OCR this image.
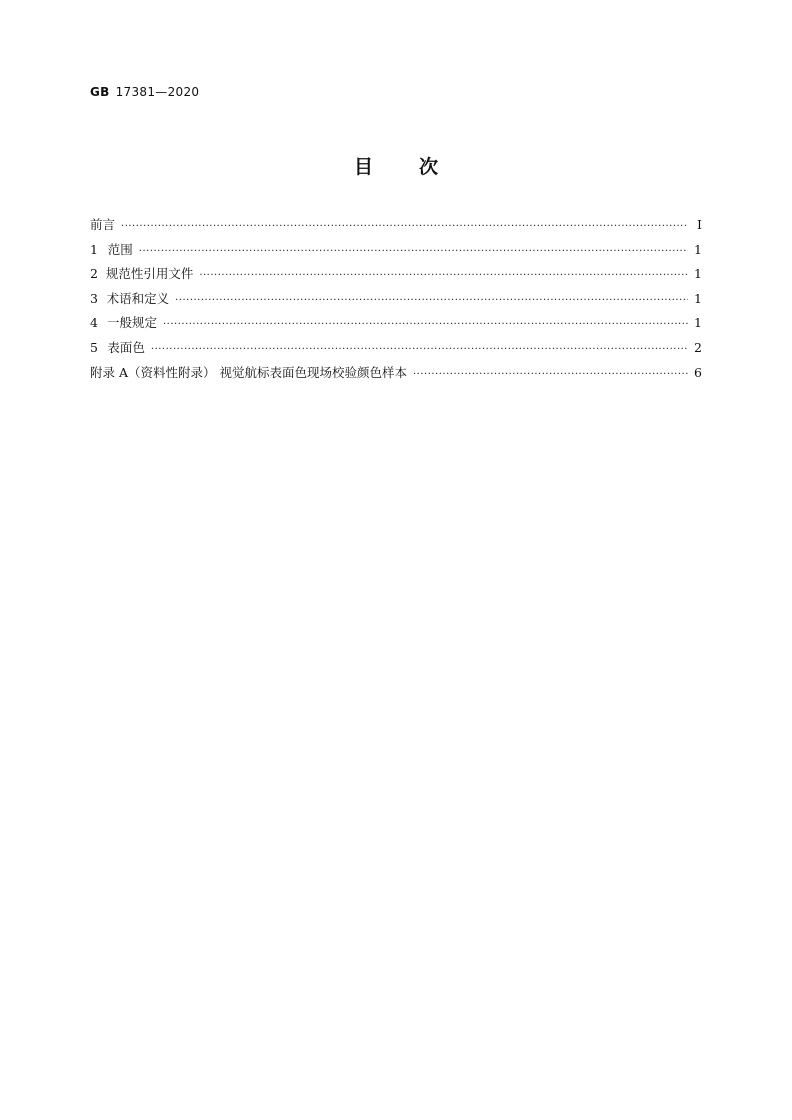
GB 17381—2020
目 次
前言 ·····	Ⅰ
1 范围 ·····	1
2 规范性引用文件 ·····	1
3 术语和定义 ·····	1
4 一般规定 ·····	1
5 表面色 ·····	2
附录 A（资料性附录） 视觉航标表面色现场校验颜色样本 ·····	6
